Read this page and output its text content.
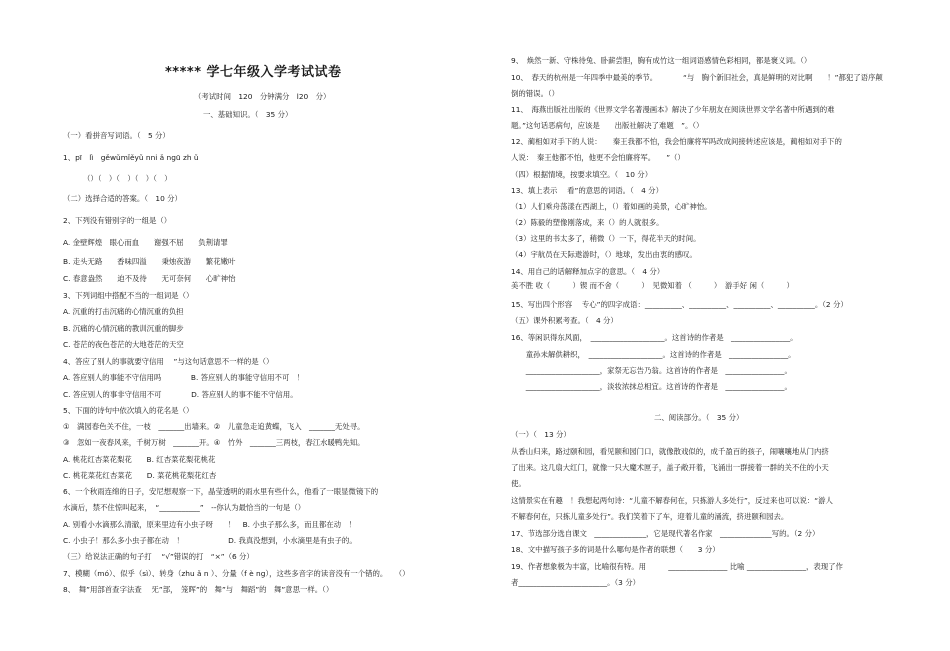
***** 学七年级入学考试试卷
（考试时间　120　分钟满分　l20　分）
一、基础知识。（　35 分）
（一）看拼音写词语。（　5 分）
1、pī　lì　gěwǔmǐěyǔ nni ǎ ngū zh ǔ
（）（　）（　）（　）（　）
（二）选择合适的答案。（　10 分）
2、下列没有错别字的一组是（）
A. 金壁辉煌　眼心而血　　谢强不屈　　负荆请罪
B. 走头无路　　香味四溢　　秉烛夜游　　繁花嫩叶
C. 春意盎然　　迫不及待　　无可奈何　　心旷神怡
3、下列词组中搭配不当的一组词是（）
A. 沉重的打击沉痛的心情沉重的负担
B. 沉痛的心情沉痛的教训沉重的脚步
C. 苍茫的夜色苍茫的大地苍茫的天空
4、答应了别人的事就要守信用　 ”与这句话意思不一样的是（）
A. 答应别人的事能不守信用吗　　　　B. 答应别人的事能守信用不可　！
C. 答应别人的事非守信用不可　　　　D. 答应别人的事不能不守信用。
5、下面的诗句中依次填入的花名是（）
①　满园春色关不住，一枝　_______出墙来。②　儿童急走追黄蝶，飞入　_______无处寻。
③　忽如一夜春风来，千树万树　_______开。④　竹外　_______三两枝，春江水暖鸭先知。
A. 桃花红杏菜花梨花　　B. 红杏菜花梨花桃花
C. 桃花菜花红杏菜花　　D. 菜花桃花梨花红杏
6、一个秋雨连绵的日子，安尼想观察一下，晶莹透明的雨水里有些什么，他看了一眼显微镜下的
水滴后，禁不住惊叫起来，　“___________”　--你认为最恰当的一句是（）
A. 别看小水滴那么清澈，原来里边有小虫子呀　　！　B. 小虫子那么多，而且都在动　！
C. 小虫子！那么多小虫子都在动　！　　　　　　D. 我真没想到，小水滴里是有虫子的。
（三）给说法正确的句子打　 “√”错误的打　“×”（6 分）
7、模糊（mó）、似乎（sì）、转身（zhu ǎ n ）、分量（f è ng），这些多音字的读音没有一个错的。　　（）
8、　舞”用部首查字法查　 旡”部，　笼晖”的　舞”与　舞蹈”的　舞”意思一样。（）
9、　焕然一新、守株待兔、卧薪尝胆，胸有成竹这一组词语感情色彩相同，都是褒义词。（）
10、　春天的杭州是一年四季中最美的季节。　　　　“与　胸个新旧社会，真是鲜明的对比啊　　！”都犯了语序颠
倒的错误。（）
11、　海燕出版社出版的《世界文学名著漫画本》解决了少年朋友在阅读世界文学名著中所遇到的难
题。”这句话恶病句，应该是　　出版社解决了难题　”。（）
12、蔺相如对手下的人说：　　秦王我都不怕，我会怕廉将军吗改成间接转述应该是，蔺相如对手下的
人说：　秦王他都不怕，他更不会怕廉将军。　　”（）
（四）根据情境，按要求填空。（　10 分）
13、填上表示　 看”的意思的词语。（　4 分）
（1）人们乘舟荡漾在西湖上，（）着如画的美景，心旷神怡。
（2）陈毅的塑像刚落成，来（）的人就很多。
（3）这里的书太多了，稍微（）一下，得花半天的时间。
（4）宇航员在天际遨游时，（）地球，发出由衷的感叹。
14、用自己的话解释加点字的意思。（　4 分）
美不胜 收（　　　）锲 而不舍（　　　）　见微知着 （　　　）　游手好 闲（　　　）
15、写出四个形容　 专心”的四字成语：__________、__________、__________、__________。（2 分）
（五）课外积累考查。（　4 分）
16、等闲识得东风面，　____________________。这首诗的作者是　________________。
　　童孙未解供耕织，　____________________。这首诗的作者是　________________。
　　____________________，家祭无忘告乃翁。这首诗的作者是　________________。
　　____________________，淡妆浓抹总相宜。这首诗的作者是　________________。
二、阅读部分。（　35 分）
（一）（　13 分）
从香山归来，路过颐和园，看见颐和园门口，就像散戏似的，成千盈百的孩子，闹嚷嚷地从门内挤
了出来。这几扇大红门，就像一只大魔术匣子，盖子敞开着，飞涌出一群接着一群的关不住的小天
使。
这情景实在有趣　！我想起两句诗：“儿童不解春何在，只拣游人多处行”，反过来也可以说：“游人
不解春何在，只拣儿童多处行”。我们笑着下了车，迎着儿童的涌流，挤进颐和园去。
17、节选部分选自课文　______________，它是现代著名作家　______________写的。（2 分）
18、文中描写孩子多的词是什么哪句是作者的联想（　　3 分）
19、作者想象极为丰富，比喻很有特。用　　　________________ 比喻 ________________，表现了作
者________________________。（3 分）
